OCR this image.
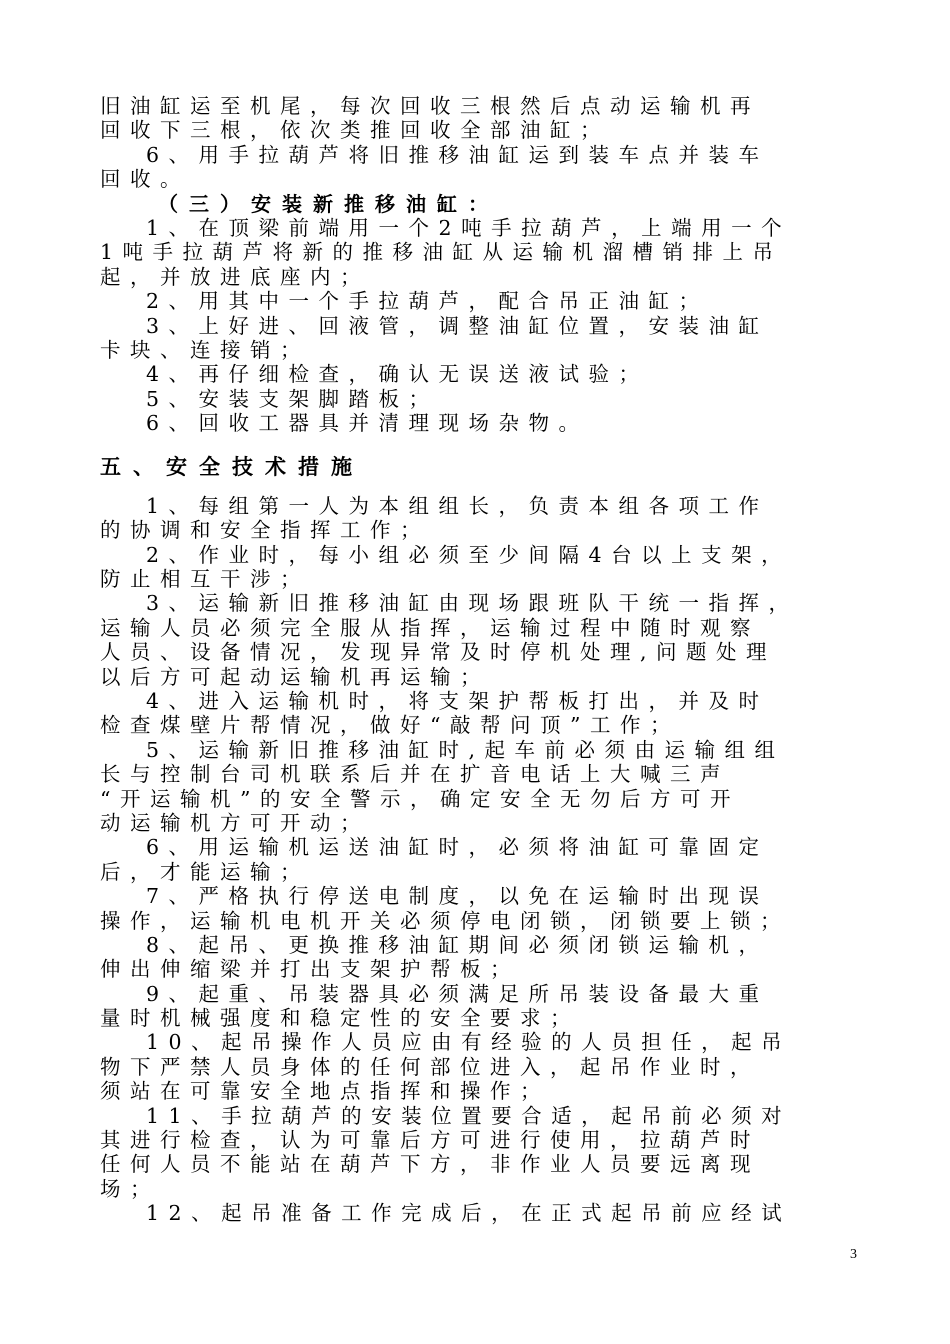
旧油缸运至机尾，每次回收三根然后点动运输机再
回收下三根，依次类推回收全部油缸；
6、用手拉葫芦将旧推移油缸运到装车点并装车
回收。
（三）安装新推移油缸：
1、在顶梁前端用一个2吨手拉葫芦，上端用一个
1吨手拉葫芦将新的推移油缸从运输机溜槽销排上吊
起，并放进底座内；
2、用其中一个手拉葫芦，配合吊正油缸；
3、上好进、回液管，调整油缸位置，安装油缸
卡块、连接销；
4、再仔细检查，确认无误送液试验；
5、安装支架脚踏板；
6、回收工器具并清理现场杂物。
五、安全技术措施
1、每组第一人为本组组长，负责本组各项工作
的协调和安全指挥工作；
2、作业时，每小组必须至少间隔4台以上支架，
防止相互干涉；
3、运输新旧推移油缸由现场跟班队干统一指挥，
运输人员必须完全服从指挥，运输过程中随时观察
人员、设备情况，发现异常及时停机处理,问题处理
以后方可起动运输机再运输；
4、进入运输机时，将支架护帮板打出，并及时
检查煤壁片帮情况，做好“敲帮问顶”工作；
5、运输新旧推移油缸时,起车前必须由运输组组
长与控制台司机联系后并在扩音电话上大喊三声
“开运输机”的安全警示，确定安全无勿后方可开
动运输机方可开动；
6、用运输机运送油缸时，必须将油缸可靠固定
后，才能运输；
7、严格执行停送电制度，以免在运输时出现误
操作，运输机电机开关必须停电闭锁，闭锁要上锁；
8、起吊、更换推移油缸期间必须闭锁运输机，
伸出伸缩梁并打出支架护帮板；
9、起重、吊装器具必须满足所吊装设备最大重
量时机械强度和稳定性的安全要求；
10、起吊操作人员应由有经验的人员担任，起吊
物下严禁人员身体的任何部位进入，起吊作业时，
须站在可靠安全地点指挥和操作；
11、手拉葫芦的安装位置要合适，起吊前必须对
其进行检查，认为可靠后方可进行使用，拉葫芦时
任何人员不能站在葫芦下方，非作业人员要远离现
场；
12、起吊准备工作完成后，在正式起吊前应经试
3
